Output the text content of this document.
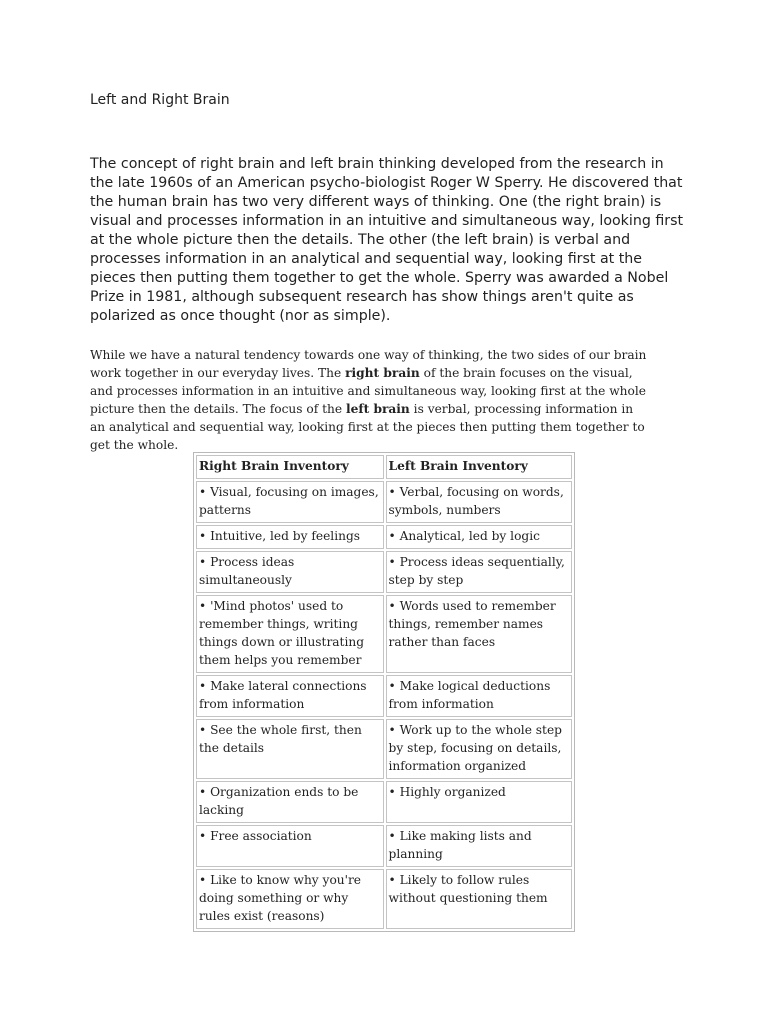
Left and Right Brain

The concept of right brain and left brain thinking developed from the research in the late 1960s of an American psycho-biologist Roger W Sperry. He discovered that the human brain has two very different ways of thinking. One (the right brain) is visual and processes information in an intuitive and simultaneous way, looking first at the whole picture then the details. The other (the left brain) is verbal and processes information in an analytical and sequential way, looking first at the pieces then putting them together to get the whole. Sperry was awarded a Nobel Prize in 1981, although subsequent research has show things aren't quite as polarized as once thought (nor as simple).

While we have a natural tendency towards one way of thinking, the two sides of our brain work together in our everyday lives. The right brain of the brain focuses on the visual, and processes information in an intuitive and simultaneous way, looking first at the whole picture then the details. The focus of the left brain is verbal, processing information in an analytical and sequential way, looking first at the pieces then putting them together to get the whole.

Right Brain Inventory	Left Brain Inventory
• Visual, focusing on images, patterns	• Verbal, focusing on words, symbols, numbers
• Intuitive, led by feelings	• Analytical, led by logic
• Process ideas simultaneously	• Process ideas sequentially, step by step
• 'Mind photos' used to remember things, writing things down or illustrating them helps you remember	• Words used to remember things, remember names rather than faces
• Make lateral connections from information	• Make logical deductions from information
• See the whole first, then the details	• Work up to the whole step by step, focusing on details, information organized
• Organization ends to be lacking	• Highly organized
• Free association	• Like making lists and planning
• Like to know why you're doing something or why rules exist (reasons)	• Likely to follow rules without questioning them
